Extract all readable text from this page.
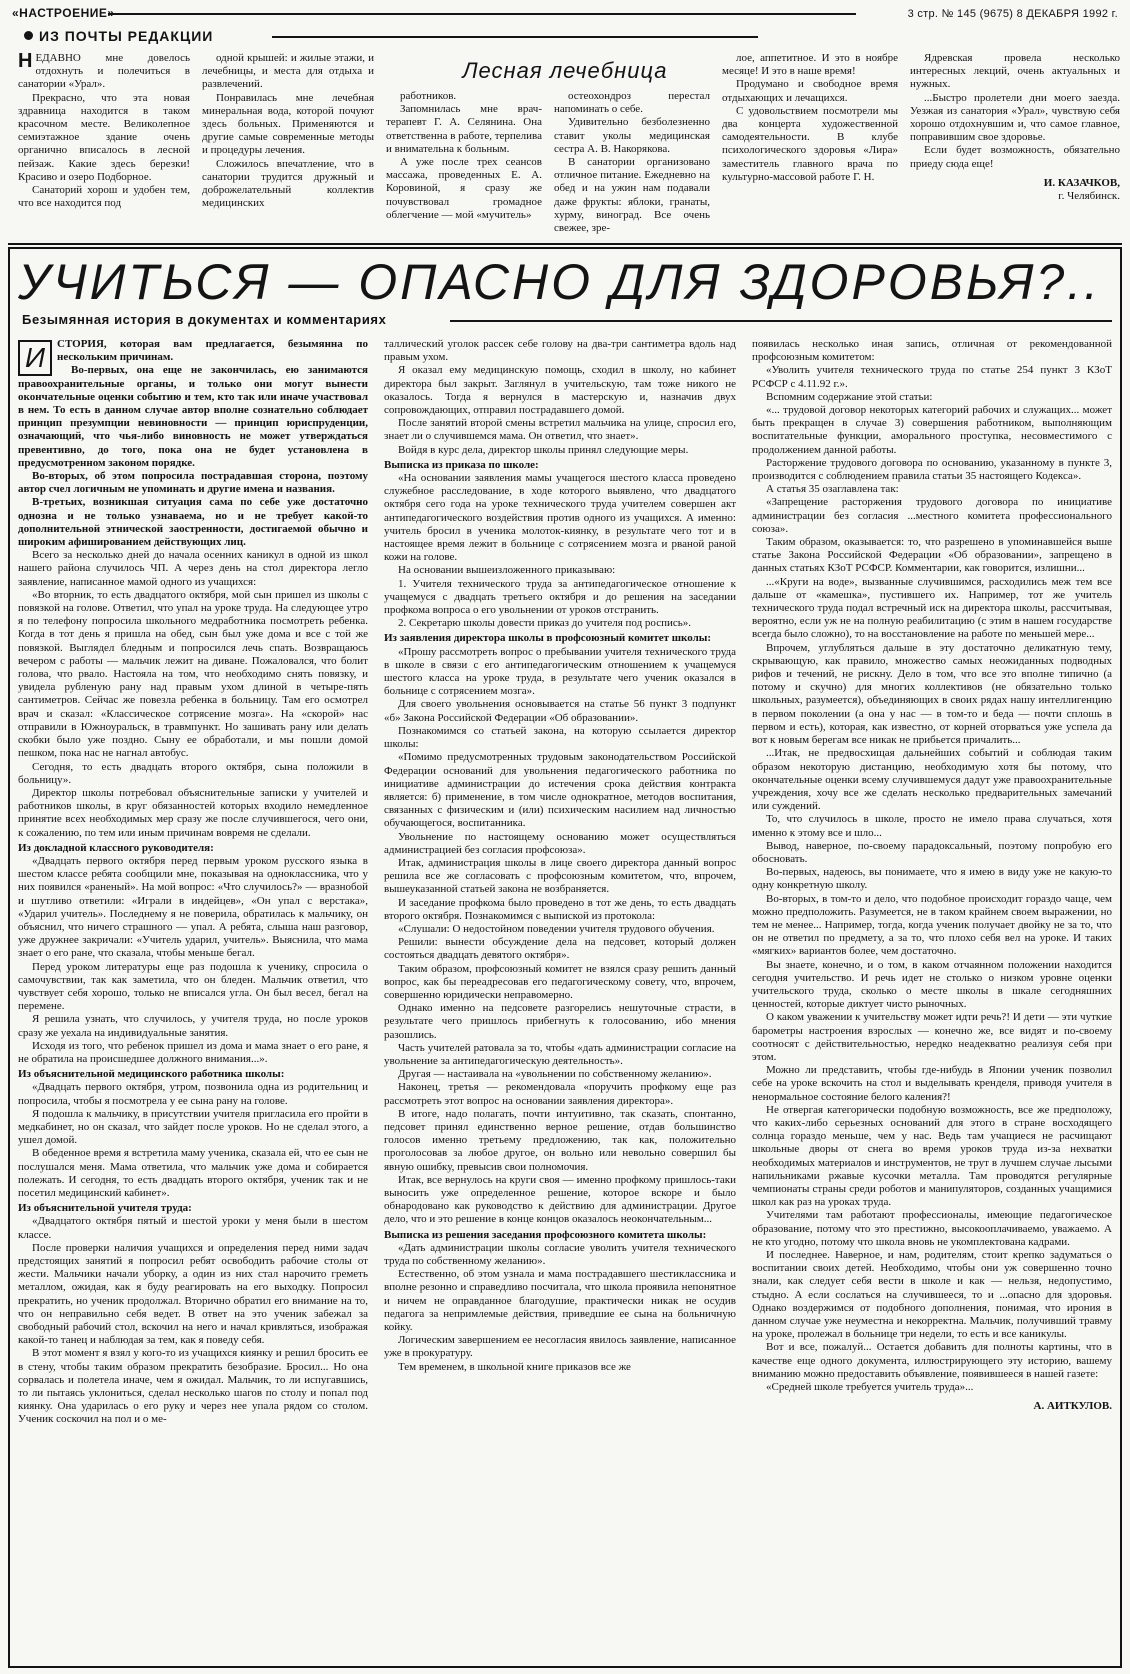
«НАСТРОЕНИЕ»	3 стр. № 145 (9675) 8 ДЕКАБРЯ 1992 г.
ИЗ ПОЧТЫ РЕДАКЦИИ
Лесная лечебница

НЕДАВНО мне довелось отдохнуть и полечиться в санатории «Урал».

Прекрасно, что эта новая здравница находится в таком красочном месте. Великолепное семиэтажное здание очень органично вписалось в лесной пейзаж. Какие здесь березки! Красиво и озеро Подборное.

Санаторий хорош и удобен тем, что все находится под

одной крышей: и жилые этажи, и лечебницы, и места для отдыха и развлечений.

Понравилась мне лечебная минеральная вода, которой почуют здесь больных. Применяются и другие самые современные методы и процедуры лечения.

Сложилось впечатление, что в санатории трудится дружный и доброжелательный коллектив медицинских

работников.

Запомнилась мне врач-терапевт Г. А. Селянина. Она ответственна в работе, терпелива и внимательна к больным.

А уже после трех сеансов массажа, проведенных Е. А. Коровиной, я сразу же почувствовал громадное облегчение — мой «мучитель»

остеохондроз перестал напоминать о себе.

Удивительно безболезненно ставит уколы медицинская сестра А. В. Накорякова.

В санатории организовано отличное питание. Ежедневно на обед и на ужин нам подавали даже фрукты: яблоки, гранаты, хурму, виноград. Все очень свежее, зре-

лое, аппетитное. И это в ноябре месяце! И это в наше время!

Продумано и свободное время отдыхающих и лечащихся.

С удовольствием посмотрели мы два концерта художественной самодеятельности. В клубе психологического здоровья «Лира» заместитель главного врача по культурно-массовой работе Г. Н.

Ядревская провела несколько интересных лекций, очень актуальных и нужных.

...Быстро пролетели дни моего заезда. Уезжая из санатория «Урал», чувствую себя хорошо отдохнувшим и, что самое главное, поправившим свое здоровье.

Если будет возможность, обязательно приеду сюда еще!

И. КАЗАЧКОВ,
г. Челябинск.
УЧИТЬСЯ — ОПАСНО ДЛЯ ЗДОРОВЬЯ?..
Безымянная история в документах и комментариях

И	СТОРИЯ, которая вам предлагается, безымянна по нескольким причинам.

Во-первых, она еще не закончилась, ею занимаются правоохранительные органы, и только они могут вынести окончательные оценки событию и тем, кто так или иначе участвовал в нем. То есть в данном случае автор вполне сознательно соблюдает принцип презумпции невиновности — принцип юриспруденции, означающий, что чья-либо виновность не может утверждаться превентивно, до того, пока она не будет установлена в предусмотренном законом порядке.

Во-вторых, об этом попросила пострадавшая сторона, поэтому автор счел логичным не упоминать и другие имена и названия.

В-третьих, возникшая ситуация сама по себе уже достаточно однозна и не только узнаваема, но и не требует какой-то дополнительной этнической заостренности, достигаемой обычно и широким афишированием действующих лиц.

Всего за несколько дней до начала осенних каникул в одной из школ нашего района случилось ЧП. А через день на стол директора легло заявление, написанное мамой одного из учащихся:

«Во вторник, то есть двадцатого октября, мой сын пришел из школы с повязкой на голове. Ответил, что упал на уроке труда. На следующее утро я по телефону попросила школьного медработника посмотреть ребенка. Когда в тот день я пришла на обед, сын был уже дома и все с той же повязкой. Выглядел бледным и попросился лечь спать. Возвращаюсь вечером с работы — мальчик лежит на диване. Пожаловался, что болит голова, что рвало. Настояла на том, что необходимо снять повязку, и увидела рубленую рану над правым ухом длиной в четыре-пять сантиметров. Сейчас же повезла ребенка в больницу. Там его осмотрел врач и сказал: «Классическое сотрясение мозга». На «скорой» нас отправили в Южноуральск, в травмпункт. Но зашивать рану или делать скобки было уже поздно. Сыну ее обработали, и мы пошли домой пешком, пока нас не нагнал автобус.

Сегодня, то есть двадцать второго октября, сына положили в больницу».

Директор школы потребовал объяснительные записки у учителей и работников школы, в круг обязанностей которых входило немедленное принятие всех необходимых мер сразу же после случившегося, чего они, к сожалению, по тем или иным причинам вовремя не сделали.

Из докладной классного руководителя:

«Двадцать первого октября перед первым уроком русского языка в шестом классе ребята сообщили мне, показывая на одноклассника, что у них появился «раненый». На мой вопрос: «Что случилось?» — вразнобой и шутливо ответили: «Играли в индейцев», «Он упал с верстака», «Ударил учитель». Последнему я не поверила, обратилась к мальчику, он объяснил, что ничего страшного — упал. А ребята, слыша наш разговор, уже дружнее закричали: «Учитель ударил, учитель». Выяснила, что мама знает о его ране, что сказала, чтобы меньше бегал.

Перед уроком литературы еще раз подошла к ученику, спросила о самочувствии, так как заметила, что он бледен. Мальчик ответил, что чувствует себя хорошо, только не вписался угла. Он был весел, бегал на перемене.

Я решила узнать, что случилось, у учителя труда, но после уроков сразу же уехала на индивидуальные занятия.

Исходя из того, что ребенок пришел из дома и мама знает о его ране, я не обратила на происшедшее должного внимания...».

Из объяснительной медицинского работника школы:

«Двадцать первого октября, утром, позвонила одна из родительниц и попросила, чтобы я посмотрела у ее сына рану на голове.

Я подошла к мальчику, в присутствии учителя пригласила его пройти в медкабинет, но он сказал, что зайдет после уроков. Но не сделал этого, а ушел домой.

В обеденное время я встретила маму ученика, сказала ей, что ее сын не послушался меня. Мама ответила, что мальчик уже дома и собирается полежать. И сегодня, то есть двадцать второго октября, ученик так и не посетил медицинский кабинет».

Из объяснительной учителя труда:

«Двадцатого октября пятый и шестой уроки у меня были в шестом классе.

После проверки наличия учащихся и определения перед ними задач предстоящих занятий я попросил ребят освободить рабочие столы от жести. Мальчики начали уборку, а один из них стал нарочито греметь металлом, ожидая, как я буду реагировать на его выходку. Попросил прекратить, но ученик продолжал. Вторично обратил его внимание на то, что он неправильно себя ведет. В ответ на это ученик забежал за свободный рабочий стол, вскочил на него и начал кривляться, изображая какой-то танец и наблюдая за тем, как я поведу себя.

В этот момент я взял у кого-то из учащихся киянку и решил бросить ее в стену, чтобы таким образом прекратить безобразие. Бросил... Но она сорвалась и полетела иначе, чем я ожидал. Мальчик, то ли испугавшись, то ли пытаясь уклониться, сделал несколько шагов по столу и попал под киянку. Она ударилась о его руку и через нее упала рядом со столом. Ученик соскочил на пол и о ме-

таллический уголок рассек себе голову на два-три сантиметра вдоль над правым ухом.

Я оказал ему медицинскую помощь, сходил в школу, но кабинет директора был закрыт. Заглянул в учительскую, там тоже никого не оказалось. Тогда я вернулся в мастерскую и, назначив двух сопровождающих, отправил пострадавшего домой.

После занятий второй смены встретил мальчика на улице, спросил его, знает ли о случившемся мама. Он ответил, что знает».

Войдя в курс дела, директор школы принял следующие меры.

Выписка из приказа по школе:

«На основании заявления мамы учащегося шестого класса проведено служебное расследование, в ходе которого выявлено, что двадцатого октября сего года на уроке технического труда учителем совершен акт антипедагогического воздействия против одного из учащихся. А именно: учитель бросил в ученика молоток-киянку, в результате чего тот и в настоящее время лежит в больнице с сотрясением мозга и рваной раной кожи на голове.

На основании вышеизложенного приказываю:

1. Учителя технического труда за антипедагогическое отношение к учащемуся с двадцать третьего октября и до решения на заседании профкома вопроса о его увольнении от уроков отстранить.

2. Секретарю школы довести приказ до учителя под роспись».

Из заявления директора школы в профсоюзный комитет школы:

«Прошу рассмотреть вопрос о пребывании учителя технического труда в школе в связи с его антипедагогическим отношением к учащемуся шестого класса на уроке труда, в результате чего ученик оказался в больнице с сотрясением мозга».

Для своего увольнения основывается на статье 56 пункт 3 подпункт «б» Закона Российской Федерации «Об образовании».

Познакомимся со статьей закона, на которую ссылается директор школы:

«Помимо предусмотренных трудовым законодательством Российской Федерации оснований для увольнения педагогического работника по инициативе администрации до истечения срока действия контракта является: б) применение, в том числе однократное, методов воспитания, связанных с физическим и (или) психическим насилием над личностью обучающегося, воспитанника.

Увольнение по настоящему основанию может осуществляться администрацией без согласия профсоюза».

Итак, администрация школы в лице своего директора данный вопрос решила все же согласовать с профсоюзным комитетом, что, впрочем, вышеуказанной статьей закона не возбраняется.

И заседание профкома было проведено в тот же день, то есть двадцать второго октября. Познакомимся с выпиской из протокола:

«Слушали: О недостойном поведении учителя трудового обучения.

Решили: вынести обсуждение дела на педсовет, который должен состояться двадцать девятого октября».

Таким образом, профсоюзный комитет не взялся сразу решить данный вопрос, как бы переадресовав его педагогическому совету, что, впрочем, совершенно юридически неправомерно.

Однако именно на педсовете разгорелись нешуточные страсти, в результате чего пришлось прибегнуть к голосованию, ибо мнения разошлись.

Часть учителей ратовала за то, чтобы «дать администрации согласие на увольнение за антипедагогическую деятельность».

Другая — настаивала на «увольнении по собственному желанию».

Наконец, третья — рекомендовала «поручить профкому еще раз рассмотреть этот вопрос на основании заявления директора».

В итоге, надо полагать, почти интуитивно, так сказать, спонтанно, педсовет принял единственно верное решение, отдав большинство голосов именно третьему предложению, так как, положительно проголосовав за любое другое, он вольно или невольно совершил бы явную ошибку, превысив свои полномочия.

Итак, все вернулось на круги своя — именно профкому пришлось-таки выносить уже определенное решение, которое вскоре и было обнародовано как руководство к действию для администрации. Другое дело, что и это решение в конце концов оказалось неокончательным...

Выписка из решения заседания профсоюзного комитета школы:

«Дать администрации школы согласие уволить учителя технического труда по собственному желанию».

Естественно, об этом узнала и мама пострадавшего шестиклассника и вполне резонно и справедливо посчитала, что школа проявила непонятное и ничем не оправданное благодушие, практически никак не осудив педагога за непримлемые действия, приведшие ее сына на больничную койку.

Логическим завершением ее несогласия явилось заявление, написанное уже в прокуратуру.

Тем временем, в школьной книге приказов все же

появилась несколько иная запись, отличная от рекомендованной профсоюзным комитетом:

«Уволить учителя технического труда по статье 254 пункт 3 КЗоТ РСФСР с 4.11.92 г.».

Вспомним содержание этой статьи:

«... трудовой договор некоторых категорий рабочих и служащих... может быть прекращен в случае 3) совершения работником, выполняющим воспитательные функции, аморального проступка, несовместимого с продолжением данной работы.

Расторжение трудового договора по основанию, указанному в пункте 3, производится с соблюдением правила статьи 35 настоящего Кодекса».

А статья 35 озаглавлена так:

«Запрещение расторжения трудового договора по инициативе администрации без согласия ...местного комитета профессионального союза».

Таким образом, оказывается: то, что разрешено в упоминавшейся выше статье Закона Российской Федерации «Об образовании», запрещено в данных статьях КЗоТ РСФСР. Комментарии, как говорится, излишни...

...«Круги на воде», вызванные случившимся, расходились меж тем все дальше от «камешка», пустившего их. Например, тот же учитель технического труда подал встречный иск на директора школы, рассчитывая, вероятно, если уж не на полную реабилитацию (с этим в нашем государстве всегда было сложно), то на восстановление на работе по меньшей мере...

Впрочем, углубляться дальше в эту достаточно деликатную тему, скрывающую, как правило, множество самых неожиданных подводных рифов и течений, не рискну. Дело в том, что все это вполне типично (а потому и скучно) для многих коллективов (не обязательно только школьных, разумеется), объединяющих в своих рядах нашу интеллигенцию в первом поколении (а она у нас — в том-то и беда — почти сплошь в первом и есть), которая, как известно, от корней оторваться уже успела да вот к новым берегам все никак не прибьется причалить...

...Итак, не предвосхищая дальнейших событий и соблюдая таким образом некоторую дистанцию, необходимую хотя бы потому, что окончательные оценки всему случившемуся дадут уже правоохранительные учреждения, хочу все же сделать несколько предварительных замечаний или суждений.

То, что случилось в школе, просто не имело права случаться, хотя именно к этому все и шло...

Вывод, наверное, по-своему парадоксальный, поэтому попробую его обосновать.

Во-первых, надеюсь, вы понимаете, что я имею в виду уже не какую-то одну конкретную школу.

Во-вторых, в том-то и дело, что подобное происходит гораздо чаще, чем можно предположить. Разумеется, не в таком крайнем своем выражении, но тем не менее... Например, тогда, когда ученик получает двойку не за то, что он не ответил по предмету, а за то, что плохо себя вел на уроке. И таких «мягких» вариантов более, чем достаточно.

Вы знаете, конечно, и о том, в каком отчаянном положении находится сегодня учительство. И речь идет не столько о низком уровне оценки учительского труда, сколько о месте школы в шкале сегодняшних ценностей, которые диктует чисто рыночных.

О каком уважении к учительству может идти речь?! И дети — эти чуткие барометры настроения взрослых — конечно же, все видят и по-своему соотносят с действительностью, нередко неадекватно реализуя себя при этом.

Можно ли представить, чтобы где-нибудь в Японии ученик позволил себе на уроке вскочить на стол и выделывать кренделя, приводя учителя в ненормальное состояние белого каления?!

Не отвергая категорически подобную возможность, все же предположу, что каких-либо серьезных оснований для этого в стране восходящего солнца гораздо меньше, чем у нас. Ведь там учащиеся не расчищают школьные дворы от снега во время уроков труда из-за нехватки необходимых материалов и инструментов, не трут в лучшем случае лысыми напильниками ржавые кусочки металла. Там проводятся регулярные чемпионаты страны среди роботов и манипуляторов, созданных учащимися школ как раз на уроках труда.

Учителями там работают профессионалы, имеющие педагогическое образование, потому что это престижно, высокооплачиваемо, уважаемо. А не кто угодно, потому что школа вновь не укомплектована кадрами.

И последнее. Наверное, и нам, родителям, стоит крепко задуматься о воспитании своих детей. Необходимо, чтобы они уж совершенно точно знали, как следует себя вести в школе и как — нельзя, недопустимо, стыдно. А если сослаться на случившееся, то и ...опасно для здоровья. Однако воздержимся от подобного дополнения, понимая, что ирония в данном случае уже неуместна и некорректна. Мальчик, получивший травму на уроке, пролежал в больнице три недели, то есть и все каникулы.

Вот и все, пожалуй... Остается добавить для полноты картины, что в качестве еще одного документа, иллюстрирующего эту историю, вашему вниманию можно предоставить объявление, появившееся в нашей газете:

«Средней школе требуется учитель труда»...

А. АИТКУЛОВ.
